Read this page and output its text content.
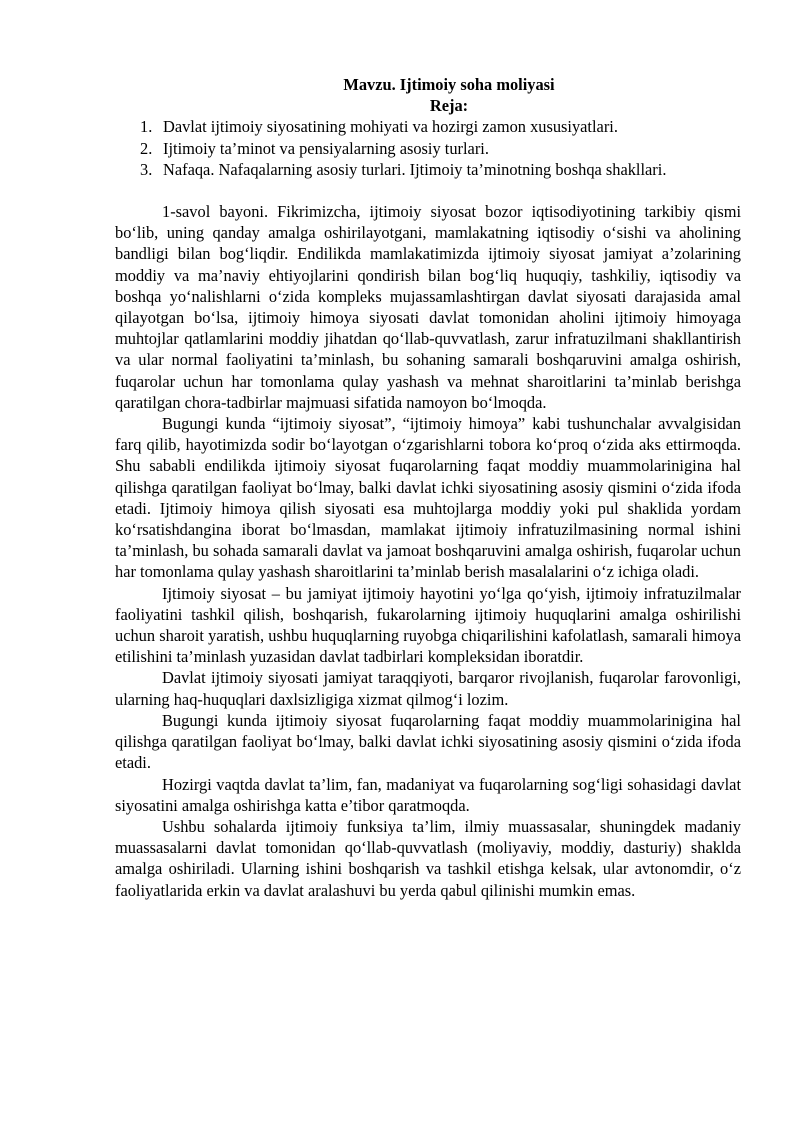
Mavzu. Ijtimoiy soha moliyasi

Reja:

1. Davlat ijtimoiy siyosatining mohiyati va hozirgi zamon xususiyatlari.
2. Ijtimoiy ta’minot va pensiyalarning asosiy turlari.
3. Nafaqa. Nafaqalarning asosiy turlari. Ijtimoiy ta’minotning boshqa shakllari.

1-savol bayoni. Fikrimizcha, ijtimoiy siyosat bozor iqtisodiyotining tarkibiy qismi bo‘lib, uning qanday amalga oshirilayotgani, mamlakatning iqtisodiy o‘sishi va aholining bandligi bilan bog‘liqdir. Endilikda mamlakatimizda ijtimoiy siyosat jamiyat a’zolarining moddiy va ma’naviy ehtiyojlarini qondirish bilan bog‘liq huquqiy, tashkiliy, iqtisodiy va boshqa yo‘nalishlarni o‘zida kompleks mujassamlashtirgan davlat siyosati darajasida amal qilayotgan bo‘lsa, ijtimoiy himoya siyosati davlat tomonidan aholini ijtimoiy himoyaga muhtojlar qatlamlarini moddiy jihatdan qo‘llab-quvvatlash, zarur infratuzilmani shakllantirish va ular normal faoliyatini ta’minlash, bu sohaning samarali boshqaruvini amalga oshirish, fuqarolar uchun har tomonlama qulay yashash va mehnat sharoitlarini ta’minlab berishga qaratilgan chora-tadbirlar majmuasi sifatida namoyon bo‘lmoqda.

Bugungi kunda “ijtimoiy siyosat”, “ijtimoiy himoya” kabi tushunchalar avvalgisidan farq qilib, hayotimizda sodir bo‘layotgan o‘zgarishlarni tobora ko‘proq o‘zida aks ettirmoqda. Shu sababli endilikda ijtimoiy siyosat fuqarolarning faqat moddiy muammolarinigina hal qilishga qaratilgan faoliyat bo‘lmay, balki davlat ichki siyosatining asosiy qismini o‘zida ifoda etadi. Ijtimoiy himoya qilish siyosati esa muhtojlarga moddiy yoki pul shaklida yordam ko‘rsatishdangina iborat bo‘lmasdan, mamlakat ijtimoiy infratuzilmasining normal ishini ta’minlash, bu sohada samarali davlat va jamoat boshqaruvini amalga oshirish, fuqarolar uchun har tomonlama qulay yashash sharoitlarini ta’minlab berish masalalarini o‘z ichiga oladi.

Ijtimoiy siyosat – bu jamiyat ijtimoiy hayotini yo‘lga qo‘yish, ijtimoiy infratuzilmalar faoliyatini tashkil qilish, boshqarish, fukarolarning ijtimoiy huquqlarini amalga oshirilishi uchun sharoit yaratish, ushbu huquqlarning ruyobga chiqarilishini kafolatlash, samarali himoya etilishini ta’minlash yuzasidan davlat tadbirlari kompleksidan iboratdir.

Davlat ijtimoiy siyosati jamiyat taraqqiyoti, barqaror rivojlanish, fuqarolar farovonligi, ularning haq-huquqlari daxlsizligiga xizmat qilmog‘i lozim.

Bugungi kunda ijtimoiy siyosat fuqarolarning faqat moddiy muammolarinigina hal qilishga qaratilgan faoliyat bo‘lmay, balki davlat ichki siyosatining asosiy qismini o‘zida ifoda etadi.

Hozirgi vaqtda davlat ta’lim, fan, madaniyat va fuqarolarning sog‘ligi sohasidagi davlat siyosatini amalga oshirishga katta e’tibor qaratmoqda.

Ushbu sohalarda ijtimoiy funksiya ta’lim, ilmiy muassasalar, shuningdek madaniy muassasalarni davlat tomonidan qo‘llab-quvvatlash (moliyaviy, moddiy, dasturiy) shaklda amalga oshiriladi. Ularning ishini boshqarish va tashkil etishga kelsak, ular avtonomdir, o‘z faoliyatlarida erkin va davlat aralashuvi bu yerda qabul qilinishi mumkin emas.
